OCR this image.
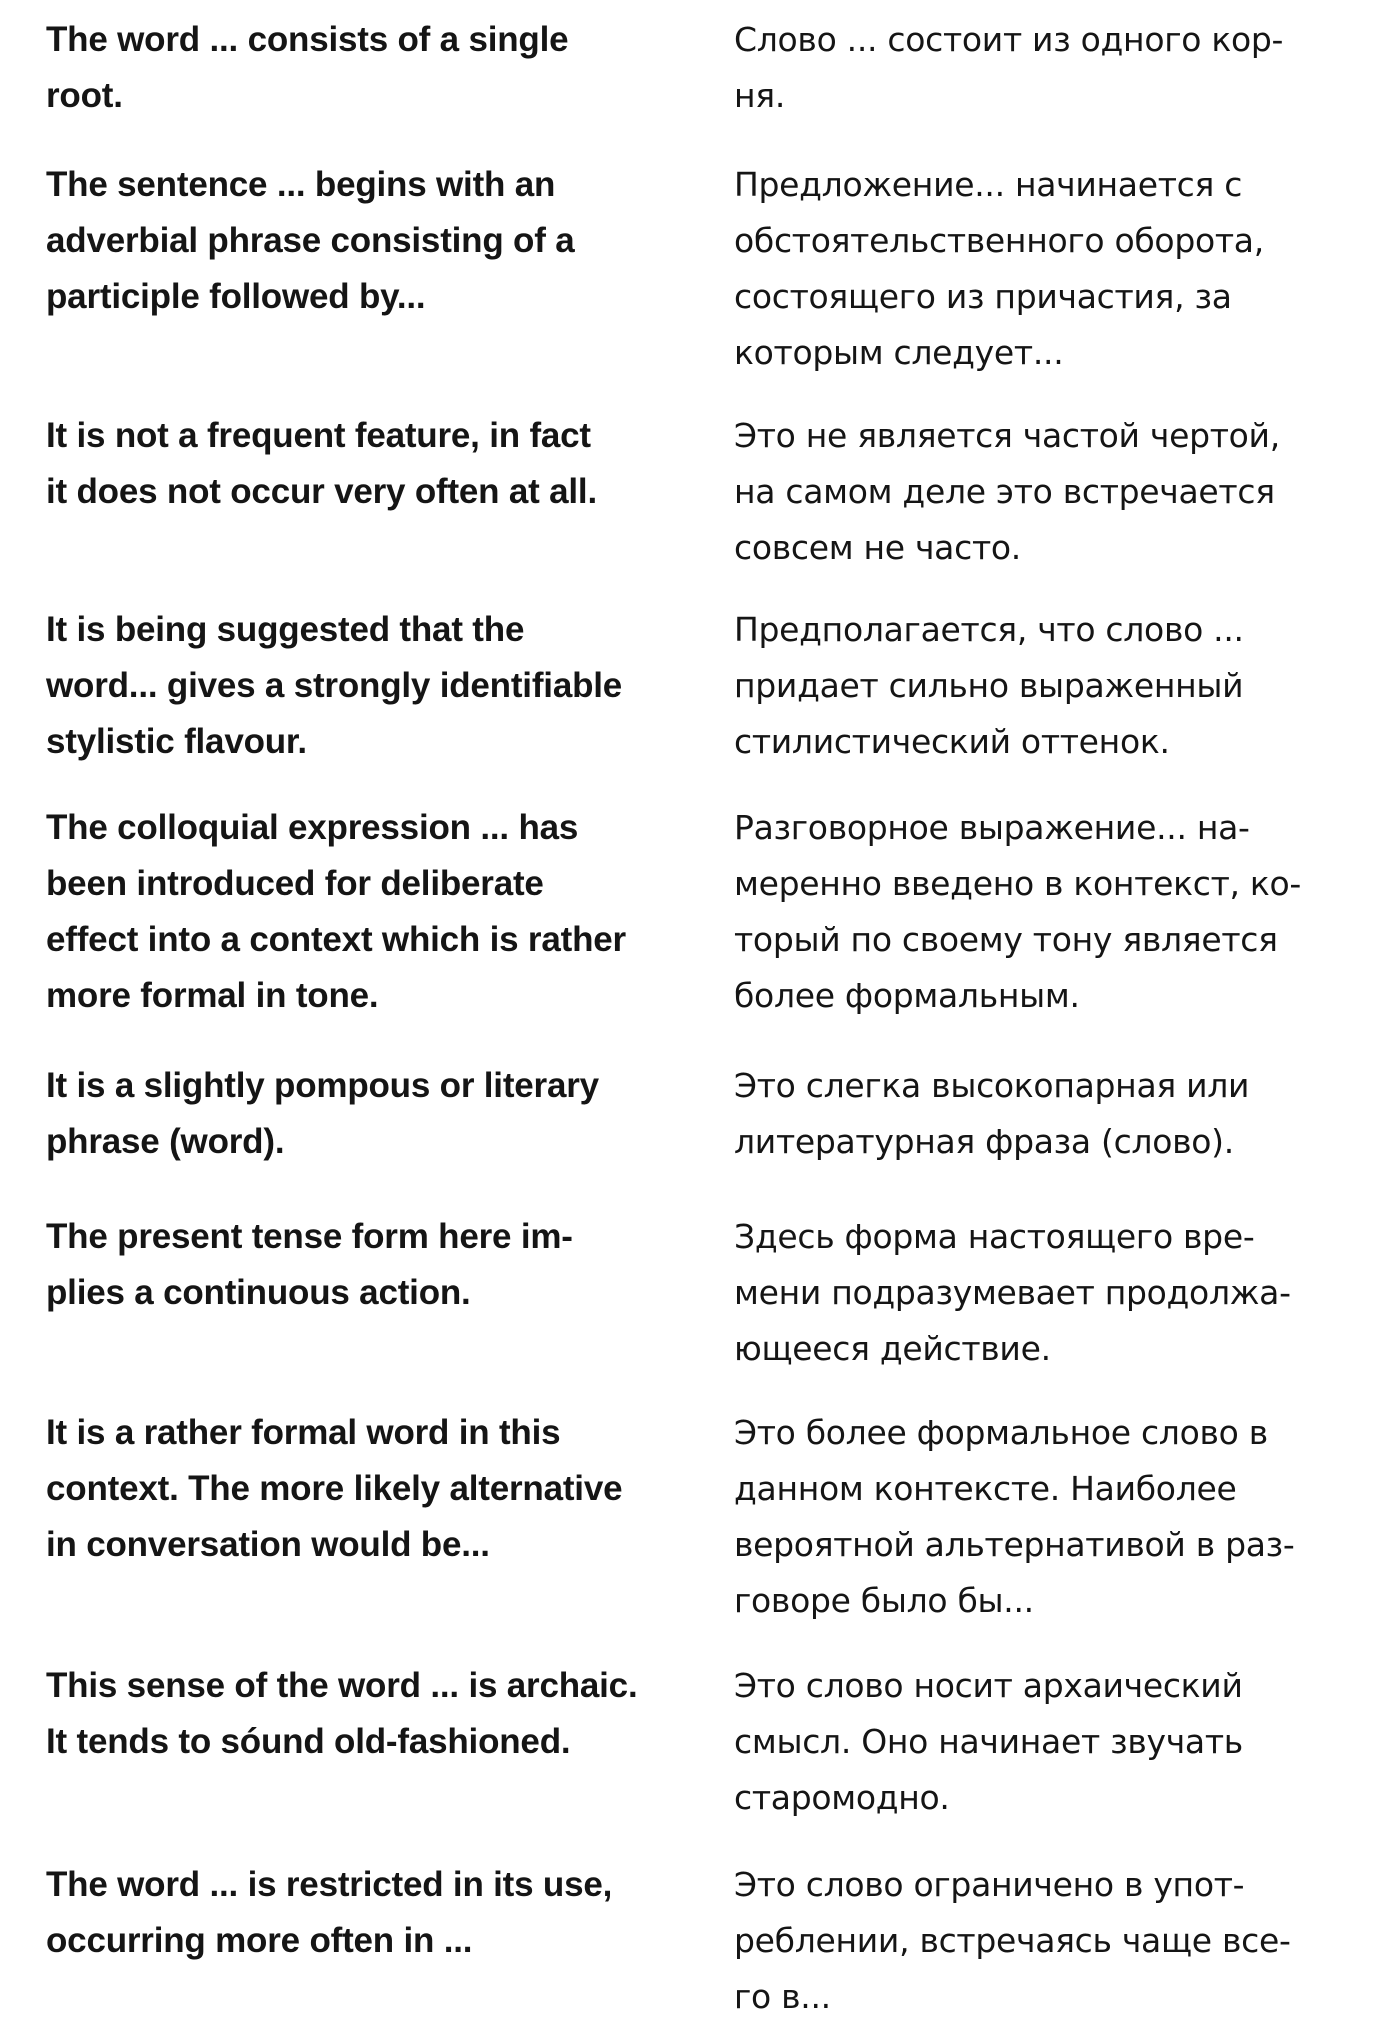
The word ... consists of a single
root.
Слово ... состоит из одного кор-
ня.
The sentence ... begins with an
adverbial phrase consisting of a
participle followed by...
Предложение... начинается с
обстоятельственного оборота,
состоящего из причастия, за
которым следует...
It is not a frequent feature, in fact
it does not occur very often at all.
Это не является частой чертой,
на самом деле это встречается
совсем не часто.
It is being suggested that the
word... gives a strongly identifiable
stylistic flavour.
Предполагается, что слово ...
придает сильно выраженный
стилистический оттенок.
The colloquial expression ... has
been introduced for deliberate
effect into a context which is rather
more formal in tone.
Разговорное выражение... на-
меренно введено в контекст, ко-
торый по своему тону является
более формальным.
It is a slightly pompous or literary
phrase (word).
Это слегка высокопарная или
литературная фраза (слово).
The present tense form here im-
plies a continuous action.
Здесь форма настоящего вре-
мени подразумевает продолжа-
ющееся действие.
It is a rather formal word in this
context. The more likely alternative
in conversation would be...
Это более формальное слово в
данном контексте. Наиболее
вероятной альтернативой в раз-
говоре было бы...
This sense of the word ... is archaic.
It tends to sóund old-fashioned.
Это слово носит архаический
смысл. Оно начинает звучать
старомодно.
The word ... is restricted in its use,
occurring more often in ...
Это слово ограничено в упот-
реблении, встречаясь чаще все-
го в...
